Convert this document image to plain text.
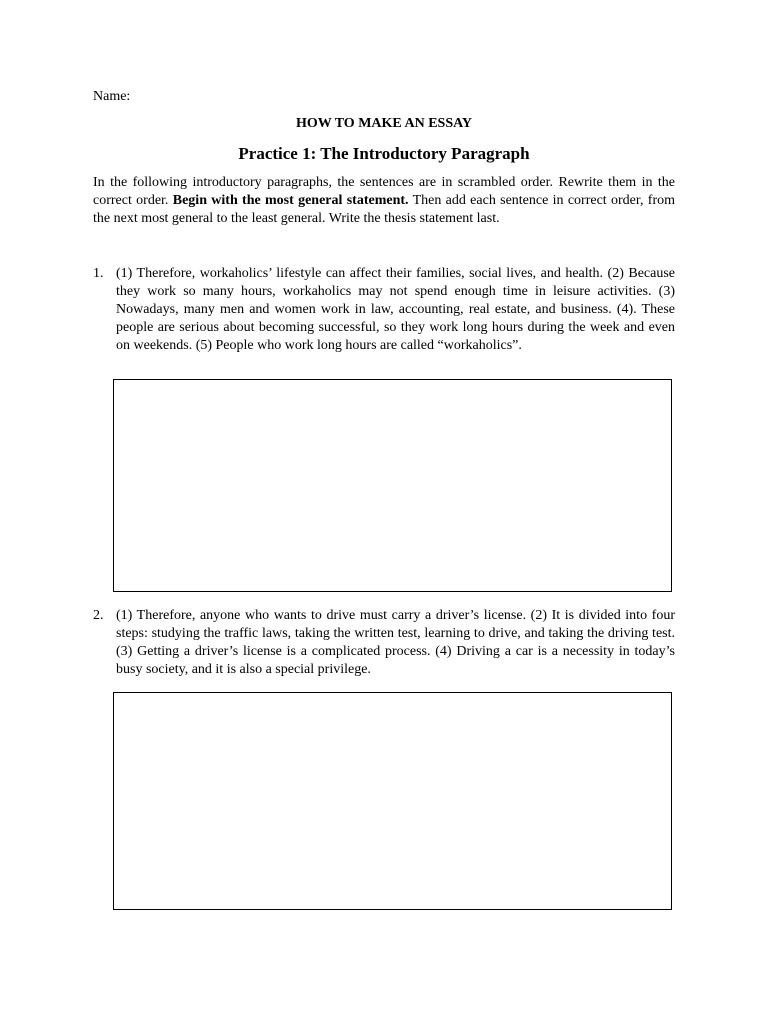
Name:
HOW TO MAKE AN ESSAY
Practice 1: The Introductory Paragraph
In the following introductory paragraphs, the sentences are in scrambled order. Rewrite them in the correct order. Begin with the most general statement. Then add each sentence in correct order, from the next most general to the least general. Write the thesis statement last.
1. (1) Therefore, workaholics’ lifestyle can affect their families, social lives, and health. (2) Because they work so many hours, workaholics may not spend enough time in leisure activities. (3) Nowadays, many men and women work in law, accounting, real estate, and business. (4). These people are serious about becoming successful, so they work long hours during the week and even on weekends. (5) People who work long hours are called “workaholics”.
2. (1) Therefore, anyone who wants to drive must carry a driver’s license. (2) It is divided into four steps: studying the traffic laws, taking the written test, learning to drive, and taking the driving test. (3) Getting a driver’s license is a complicated process. (4) Driving a car is a necessity in today’s busy society, and it is also a special privilege.
